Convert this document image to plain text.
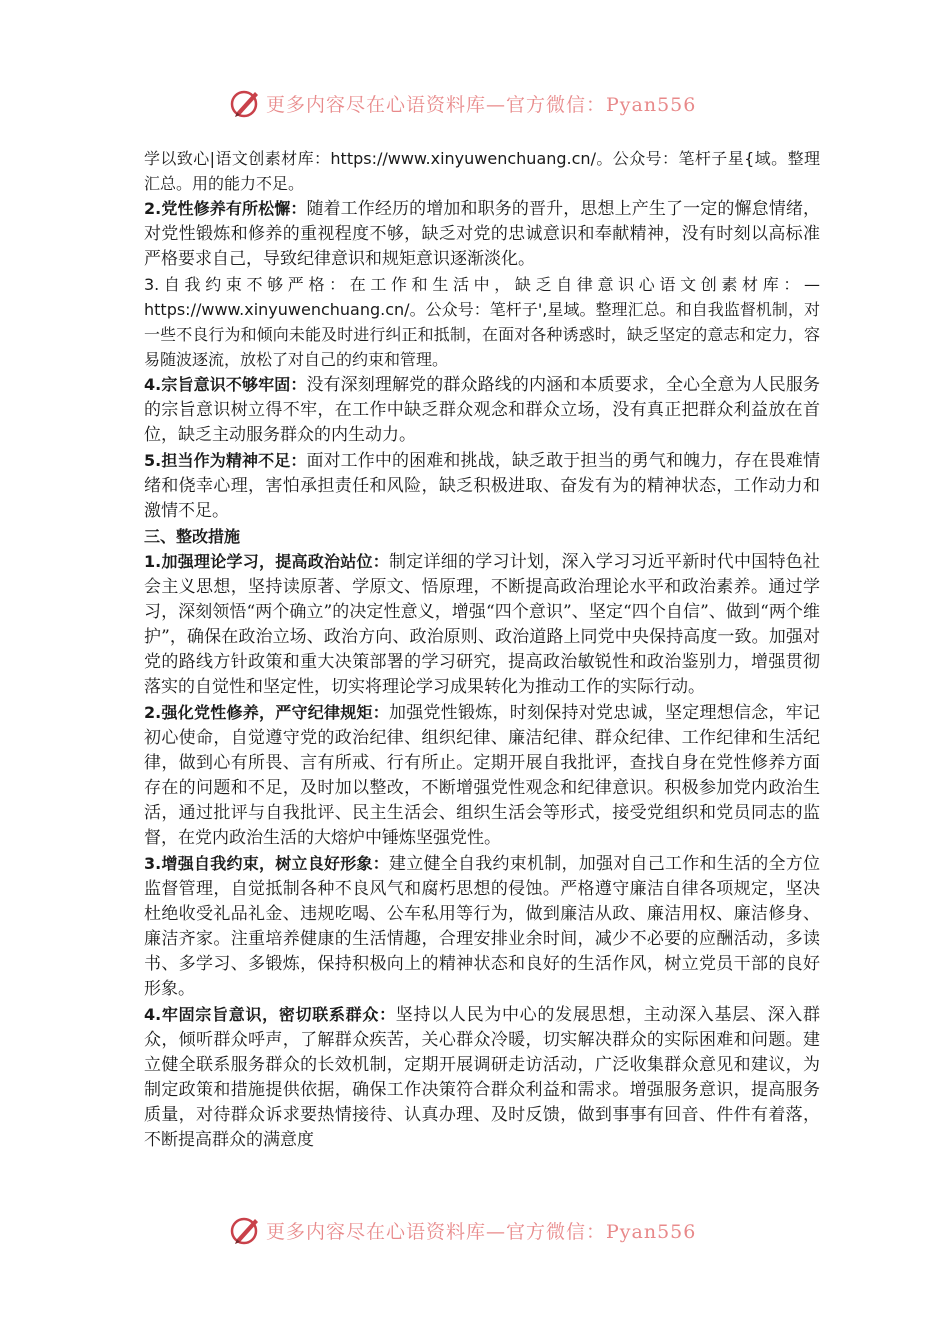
更多内容尽在心语资料库—官方微信：Pyan556

学以致心|语文创素材库：https://www.xinyuwenchuang.cn/。公众号：笔杆子星{域。整理汇总。用的能力不足。

2.党性修养有所松懈：随着工作经历的增加和职务的晋升，思想上产生了一定的懈怠情绪，对党性锻炼和修养的重视程度不够，缺乏对党的忠诚意识和奉献精神，没有时刻以高标准严格要求自己，导致纪律意识和规矩意识逐渐淡化。

3.自我约束不够严格：在工作和生活中，缺乏自律意识心语文创素材库：—https://www.xinyuwenchuang.cn/。公众号：笔杆子',星域。整理汇总。和自我监督机制，对一些不良行为和倾向未能及时进行纠正和抵制，在面对各种诱惑时，缺乏坚定的意志和定力，容易随波逐流，放松了对自己的约束和管理。

4.宗旨意识不够牢固：没有深刻理解党的群众路线的内涵和本质要求，全心全意为人民服务的宗旨意识树立得不牢，在工作中缺乏群众观念和群众立场，没有真正把群众利益放在首位，缺乏主动服务群众的内生动力。

5.担当作为精神不足：面对工作中的困难和挑战，缺乏敢于担当的勇气和魄力，存在畏难情绪和侥幸心理，害怕承担责任和风险，缺乏积极进取、奋发有为的精神状态，工作动力和激情不足。

三、整改措施

1.加强理论学习，提高政治站位：制定详细的学习计划，深入学习习近平新时代中国特色社会主义思想，坚持读原著、学原文、悟原理，不断提高政治理论水平和政治素养。通过学习，深刻领悟“两个确立”的决定性意义，增强“四个意识”、坚定“四个自信”、做到“两个维护”，确保在政治立场、政治方向、政治原则、政治道路上同党中央保持高度一致。加强对党的路线方针政策和重大决策部署的学习研究，提高政治敏锐性和政治鉴别力，增强贯彻落实的自觉性和坚定性，切实将理论学习成果转化为推动工作的实际行动。

2.强化党性修养，严守纪律规矩：加强党性锻炼，时刻保持对党忠诚，坚定理想信念，牢记初心使命，自觉遵守党的政治纪律、组织纪律、廉洁纪律、群众纪律、工作纪律和生活纪律，做到心有所畏、言有所戒、行有所止。定期开展自我批评，查找自身在党性修养方面存在的问题和不足，及时加以整改，不断增强党性观念和纪律意识。积极参加党内政治生活，通过批评与自我批评、民主生活会、组织生活会等形式，接受党组织和党员同志的监督，在党内政治生活的大熔炉中锤炼坚强党性。

3.增强自我约束，树立良好形象：建立健全自我约束机制，加强对自己工作和生活的全方位监督管理，自觉抵制各种不良风气和腐朽思想的侵蚀。严格遵守廉洁自律各项规定，坚决杜绝收受礼品礼金、违规吃喝、公车私用等行为，做到廉洁从政、廉洁用权、廉洁修身、廉洁齐家。注重培养健康的生活情趣，合理安排业余时间，减少不必要的应酬活动，多读书、多学习、多锻炼，保持积极向上的精神状态和良好的生活作风，树立党员干部的良好形象。

4.牢固宗旨意识，密切联系群众：坚持以人民为中心的发展思想，主动深入基层、深入群众，倾听群众呼声，了解群众疾苦，关心群众冷暖，切实解决群众的实际困难和问题。建立健全联系服务群众的长效机制，定期开展调研走访活动，广泛收集群众意见和建议，为制定政策和措施提供依据，确保工作决策符合群众利益和需求。增强服务意识，提高服务质量，对待群众诉求要热情接待、认真办理、及时反馈，做到事事有回音、件件有着落，不断提高群众的满意度

更多内容尽在心语资料库—官方微信：Pyan556
